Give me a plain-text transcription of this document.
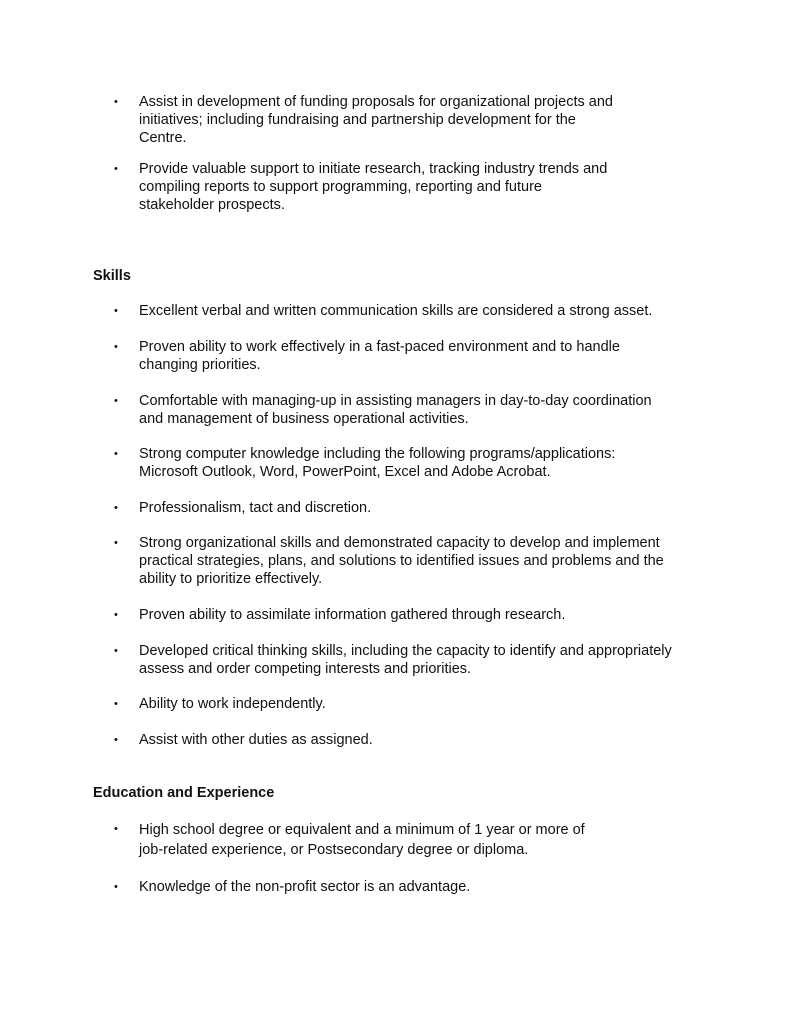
•	Assist in development of funding proposals for organizational projects and
initiatives; including fundraising and partnership development for the
Centre.
•	Provide valuable support to initiate research, tracking industry trends and
compiling reports to support programming, reporting and future
stakeholder prospects.
Skills
•	Excellent verbal and written communication skills are considered a strong asset.
•	Proven ability to work effectively in a fast-paced environment and to handle
changing priorities.
•	Comfortable with managing-up in assisting managers in day-to-day coordination
and management of business operational activities.
•	Strong computer knowledge including the following programs/applications:
Microsoft Outlook, Word, PowerPoint, Excel and Adobe Acrobat.
•	Professionalism, tact and discretion.
•	Strong organizational skills and demonstrated capacity to develop and implement
practical strategies, plans, and solutions to identified issues and problems and the
ability to prioritize effectively.
•	Proven ability to assimilate information gathered through research.
•	Developed critical thinking skills, including the capacity to identify and appropriately
assess and order competing interests and priorities.
•	Ability to work independently.
•	Assist with other duties as assigned.
Education and Experience
•	High school degree or equivalent and a minimum of 1 year or more of
job-related experience, or Postsecondary degree or diploma.
•	Knowledge of the non-profit sector is an advantage.
